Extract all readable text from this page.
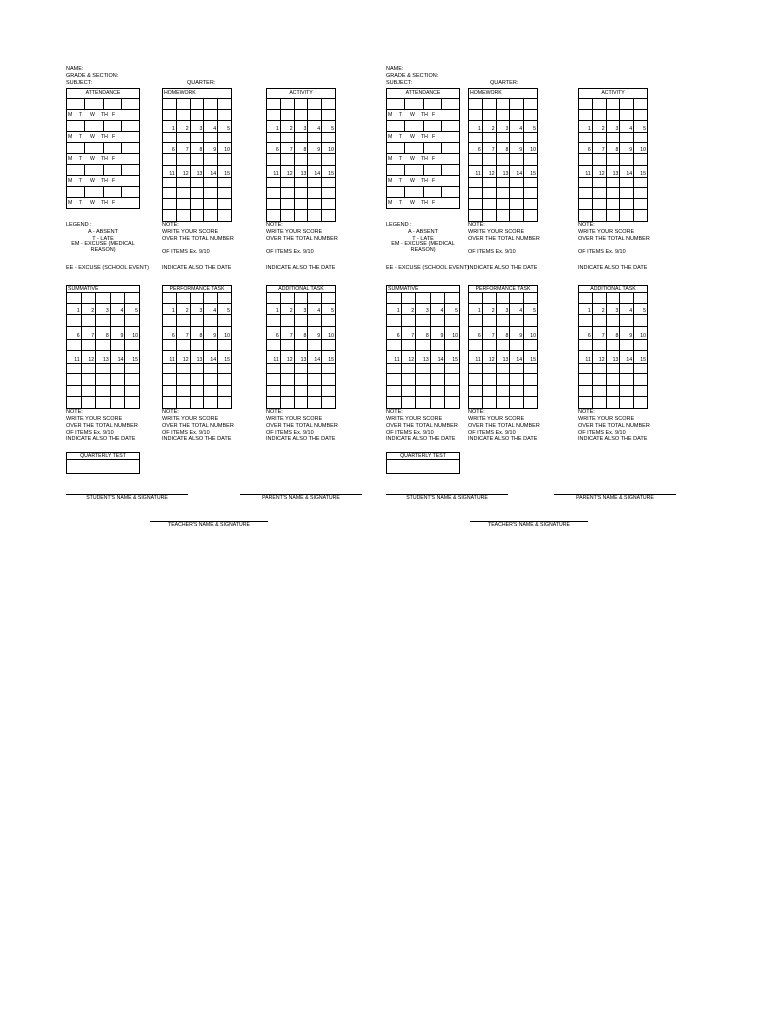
NAME:
GRADE & SECTION:
SUBJECT:	QUARTER:
ATTENDANCE			

M T W TH F			

M T W TH F			

M T W TH F			

M T W TH F			

M T W TH F			
HOMEWORK				

1	2	3	4	5

6	7	8	9	10

11	12	13	14	15

ACTIVITY				

1	2	3	4	5

6	7	8	9	10

11	12	13	14	15

LEGEND :
A - ABSENT
T - LATE
EM - EXCUSE (MEDICAL REASON)
EE - EXCUSE (SCHOOL EVENT)
NOTE:
WRITE YOUR SCORE
OVER THE TOTAL NUMBER
OF ITEMS Ex. 9/10
INDICATE ALSO THE DATE
NOTE:
WRITE YOUR SCORE
OVER THE TOTAL NUMBER
OF ITEMS Ex. 9/10
INDICATE ALSO THE DATE
SUMMATIVE				

1	2	3	4	5

6	7	8	9	10

11	12	13	14	15

PERFORMANCE TASK				

1	2	3	4	5

6	7	8	9	10

11	12	13	14	15

ADDITIONAL TASK				

1	2	3	4	5

6	7	8	9	10

11	12	13	14	15

NOTE:
WRITE YOUR SCORE
OVER THE TOTAL NUMBER
OF ITEMS Ex. 9/10
INDICATE ALSO THE DATE
NOTE:
WRITE YOUR SCORE
OVER THE TOTAL NUMBER
OF ITEMS Ex. 9/10
INDICATE ALSO THE DATE
NOTE:
WRITE YOUR SCORE
OVER THE TOTAL NUMBER
OF ITEMS Ex. 9/10
INDICATE ALSO THE DATE
QUARTERLY TEST

STUDENT'S NAME & SIGNATURE	PARENT'S NAME & SIGNATURE
TEACHER'S NAME & SIGNATURE
NAME:
GRADE & SECTION:
SUBJECT:	QUARTER:
ATTENDANCE			

M T W TH F			

M T W TH F			

M T W TH F			

M T W TH F			

M T W TH F			
HOMEWORK				

1	2	3	4	5

6	7	8	9	10

11	12	13	14	15

ACTIVITY				

1	2	3	4	5

6	7	8	9	10

11	12	13	14	15

LEGEND :
A - ABSENT
T - LATE
EM - EXCUSE (MEDICAL REASON)
EE - EXCUSE (SCHOOL EVENT)
NOTE:
WRITE YOUR SCORE
OVER THE TOTAL NUMBER
OF ITEMS Ex. 9/10
INDICATE ALSO THE DATE
NOTE:
WRITE YOUR SCORE
OVER THE TOTAL NUMBER
OF ITEMS Ex. 9/10
INDICATE ALSO THE DATE
SUMMATIVE				

1	2	3	4	5

6	7	8	9	10

11	12	13	14	15

PERFORMANCE TASK				

1	2	3	4	5

6	7	8	9	10

11	12	13	14	15

ADDITIONAL TASK				

1	2	3	4	5

6	7	8	9	10

11	12	13	14	15

NOTE:
WRITE YOUR SCORE
OVER THE TOTAL NUMBER
OF ITEMS Ex. 9/10
INDICATE ALSO THE DATE
NOTE:
WRITE YOUR SCORE
OVER THE TOTAL NUMBER
OF ITEMS Ex. 9/10
INDICATE ALSO THE DATE
NOTE:
WRITE YOUR SCORE
OVER THE TOTAL NUMBER
OF ITEMS Ex. 9/10
INDICATE ALSO THE DATE
QUARTERLY TEST

STUDENT'S NAME & SIGNATURE	PARENT'S NAME & SIGNATURE
TEACHER'S NAME & SIGNATURE
